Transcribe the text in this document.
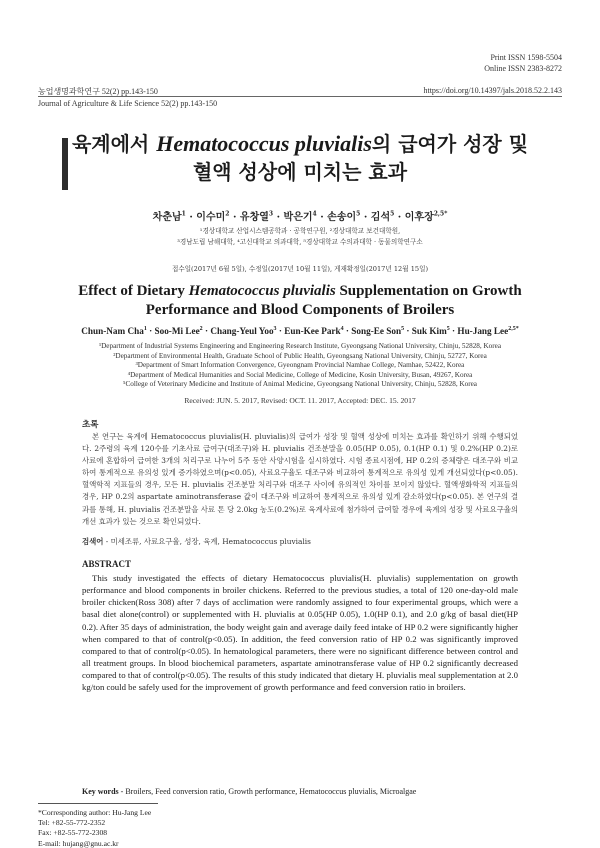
Print ISSN 1598-5504
Online ISSN 2383-8272
농업생명과학연구 52(2) pp.143-150	https://doi.org/10.14397/jals.2018.52.2.143
Journal of Agriculture & Life Science 52(2) pp.143-150
육계에서 Hematococcus pluvialis의 급여가 성장 및
혈액 성상에 미치는 효과
차춘남$^1$ · 이수미$^2$ · 유창열$^3$ · 박은기$^4$ · 손송이$^5$ · 김석$^5$ · 이후장$^{2,5*}$
¹경상대학교 산업시스템공학과 · 공학연구원, ²경상대학교 보건대학원,
³경남도립 남해대학, ⁴고신대학교 의과대학, ⁵경상대학교 수의과대학 · 동물의학연구소
접수일(2017년 6월 5일), 수정일(2017년 10월 11일), 게재확정일(2017년 12월 15일)
Effect of Dietary Hematococcus pluvialis Supplementation on Growth
Performance and Blood Components of Broilers
Chun-Nam Cha$^1$ · Soo-Mi Lee$^2$ · Chang-Yeul Yoo$^3$ · Eun-Kee Park$^4$ · Song-Ee Son$^5$ · Suk Kim$^5$ · Hu-Jang Lee$^{2,5*}$
¹Department of Industrial Systems Engineering and Engineering Research Institute, Gyeongsang National University, Chinju, 52828, Korea
²Department of Environmental Health, Graduate School of Public Health, Gyeongsang National University, Chinju, 52727, Korea
³Department of Smart Information Convergence, Gyeongnam Provincial Namhae College, Namhae, 52422, Korea
⁴Department of Medical Humanities and Social Medicine, College of Medicine, Kosin University, Busan, 49267, Korea
⁵College of Veterinary Medicine and Institute of Animal Medicine, Gyeongsang National University, Chinju, 52828, Korea
Received: JUN. 5. 2017, Revised: OCT. 11. 2017, Accepted: DEC. 15. 2017
초록
본 연구는 육계에 Hematococcus pluvialis(H. pluvialis)의 급여가 성장 및 혈액 성상에 미치는 효과를 확인하기 위해 수행되었다. 2주령의 육계 120수를 기초사료 급여구(대조구)와 H. pluvialis 건조분말을 0.05(HP 0.05), 0.1(HP 0.1) 및 0.2%(HP 0.2)로 사료에 혼합하여 급여한 3개의 처리구로 나누어 5주 동안 사양시험을 실시하였다. 시험 종료시점에, HP 0.2의 증체량은 대조구와 비교하여 통계적으로 유의성 있게 증가하였으며(p<0.05), 사료요구율도 대조구와 비교하여 통계적으로 유의성 있게 개선되었다(p<0.05). 혈액학적 지표들의 경우, 모든 H. pluvialis 건조분말 처리구와 대조구 사이에 유의적인 차이를 보이지 않았다. 혈액생화학적 지표들의 경우, HP 0.2의 aspartate aminotransferase 값이 대조구와 비교하여 통계적으로 유의성 있게 감소하였다(p<0.05). 본 연구의 결과를 통해, H. pluvialis 건조분말을 사료 톤 당 2.0kg 농도(0.2%)로 육계사료에 첨가하여 급여할 경우에 육계의 성장 및 사료요구율의 개선 효과가 있는 것으로 확인되었다.
검색어 - 미세조류, 사료요구율, 성장, 육계, Hematococcus pluvialis
ABSTRACT
This study investigated the effects of dietary Hematococcus pluvialis(H. pluvialis) supplementation on growth performance and blood components in broiler chickens. Referred to the previous studies, a total of 120 one-day-old male broiler chicken(Ross 308) after 7 days of acclimation were randomly assigned to four experimental groups, which were a basal diet alone(control) or supplemented with H. pluvialis at 0.05(HP 0.05), 1.0(HP 0.1), and 2.0 g/kg of basal diet(HP 0.2). After 35 days of administration, the body weight gain and average daily feed intake of HP 0.2 were significantly higher when compared to that of control(p<0.05). In addition, the feed conversion ratio of HP 0.2 was significantly improved compared to that of control(p<0.05). In hematological parameters, there were no significant difference between control and all treatment groups. In blood biochemical parameters, aspartate aminotransferase value of HP 0.2 significantly decreased compared to that of control(p<0.05). The results of this study indicated that dietary H. pluvialis meal supplementation at 2.0 kg/ton could be safely used for the improvement of growth performance and feed conversion ratio in broilers.
Key words - Broilers, Feed conversion ratio, Growth performance, Hematococcus pluvialis, Microalgae
*Corresponding author: Hu-Jang Lee
Tel: +82-55-772-2352
Fax: +82-55-772-2308
E-mail: hujang@gnu.ac.kr
